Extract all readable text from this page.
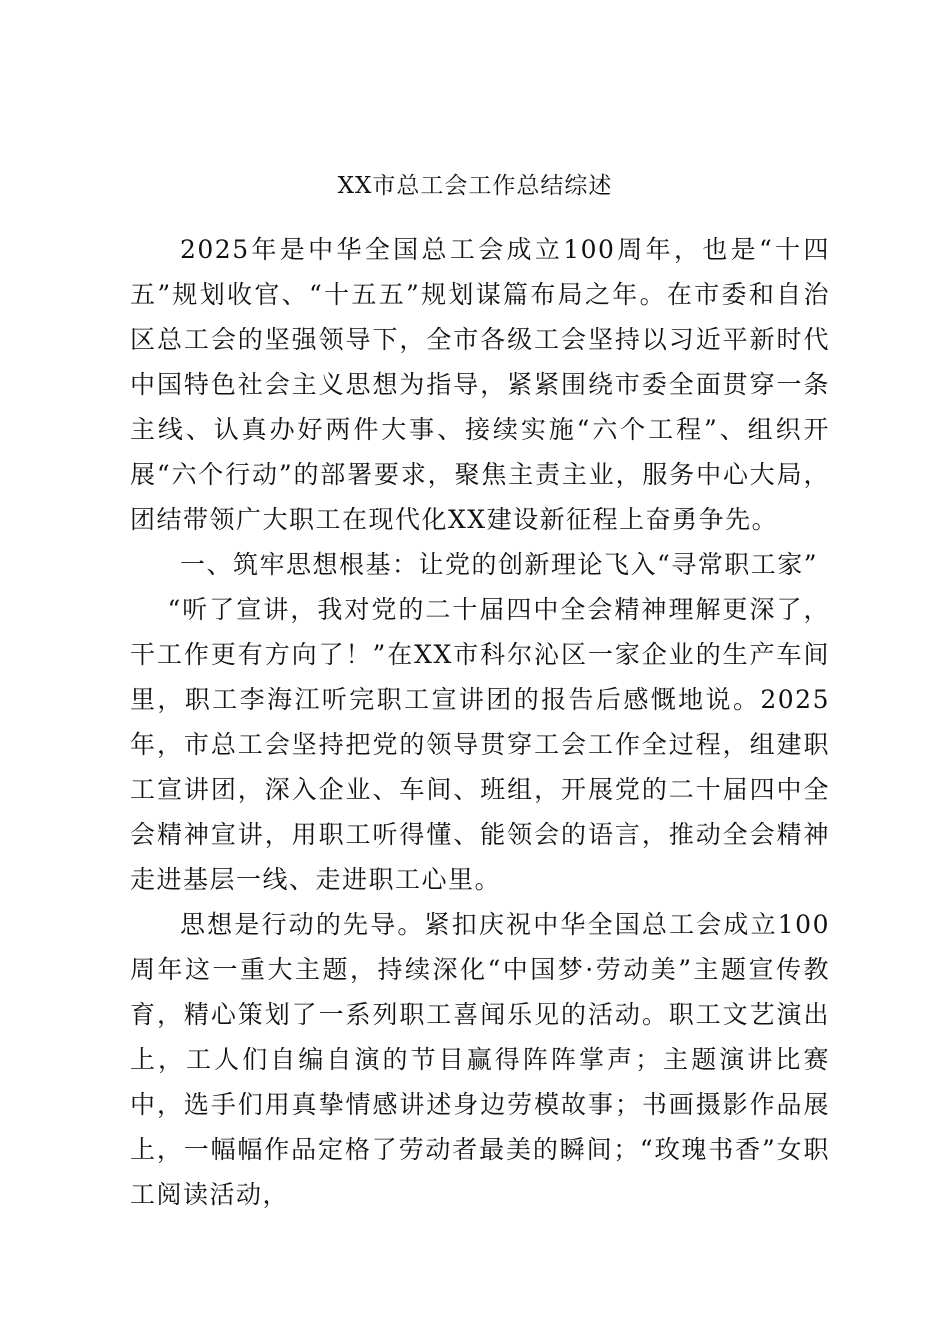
XX市总工会工作总结综述

2025年是中华全国总工会成立100周年，也是“十四五”规划收官、“十五五”规划谋篇布局之年。在市委和自治区总工会的坚强领导下，全市各级工会坚持以习近平新时代中国特色社会主义思想为指导，紧紧围绕市委全面贯穿一条主线、认真办好两件大事、接续实施“六个工程”、组织开展“六个行动”的部署要求，聚焦主责主业，服务中心大局，团结带领广大职工在现代化XX建设新征程上奋勇争先。

一、筑牢思想根基：让党的创新理论飞入“寻常职工家”

“听了宣讲，我对党的二十届四中全会精神理解更深了，干工作更有方向了！”在XX市科尔沁区一家企业的生产车间里，职工李海江听完职工宣讲团的报告后感慨地说。2025年，市总工会坚持把党的领导贯穿工会工作全过程，组建职工宣讲团，深入企业、车间、班组，开展党的二十届四中全会精神宣讲，用职工听得懂、能领会的语言，推动全会精神走进基层一线、走进职工心里。

思想是行动的先导。紧扣庆祝中华全国总工会成立100周年这一重大主题，持续深化“中国梦·劳动美”主题宣传教育，精心策划了一系列职工喜闻乐见的活动。职工文艺演出上，工人们自编自演的节目赢得阵阵掌声；主题演讲比赛中，选手们用真挚情感讲述身边劳模故事；书画摄影作品展上，一幅幅作品定格了劳动者最美的瞬间；“玫瑰书香”女职工阅读活动，
